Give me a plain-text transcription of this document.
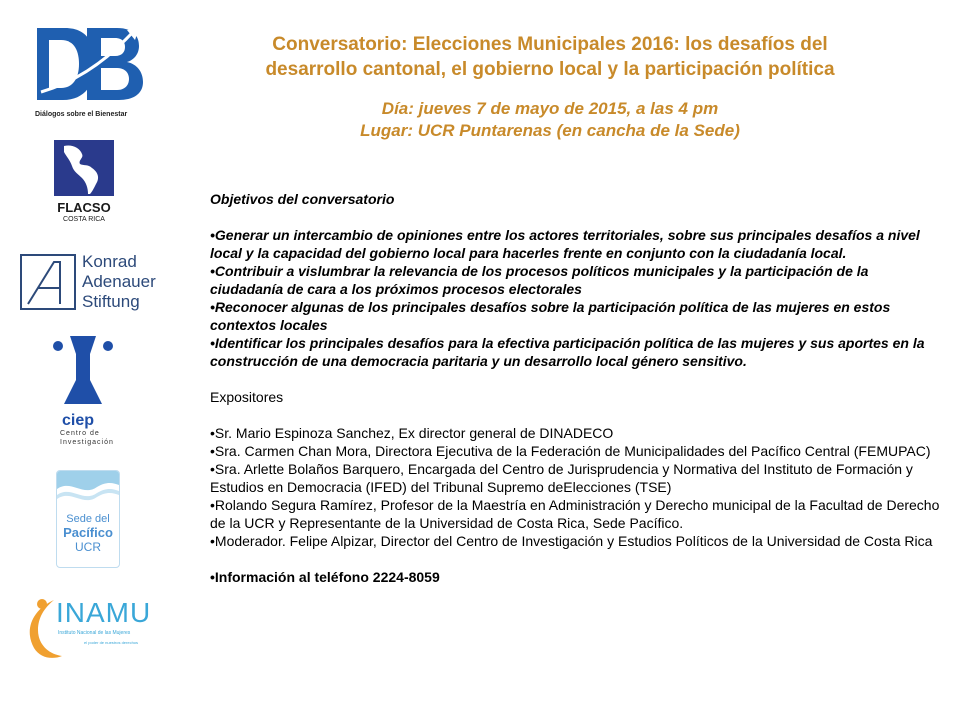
Diálogos sobre el Bienestar
FLACSO
COSTA RICA
Konrad
Adenauer
Stiftung
ciep
Centro de
Investigación
Sede del
Pacífico
UCR
INAMU
Instituto Nacional de las Mujeres
el poder de nuestros derechos

Conversatorio: Elecciones Municipales 2016: los desafíos del

desarrollo cantonal, el gobierno local y la participación política

Día: jueves 7 de mayo de 2015, a las 4 pm

Lugar: UCR Puntarenas (en cancha de la Sede)

Objetivos del conversatorio

•Generar un intercambio de opiniones entre los actores territoriales, sobre sus principales desafíos a nivel local y la capacidad del gobierno local para hacerles frente en conjunto con la ciudadanía local.

•Contribuir a vislumbrar la relevancia de los procesos políticos municipales y la participación de la ciudadanía de cara a los próximos procesos electorales

•Reconocer algunas de los principales desafíos sobre la participación política de las mujeres en estos contextos locales

•Identificar los principales desafíos para la efectiva participación política de las mujeres y sus aportes en la construcción de una democracia paritaria y un desarrollo local género sensitivo.

Expositores

•Sr. Mario Espinoza Sanchez, Ex director general de DINADECO

•Sra. Carmen Chan Mora, Directora Ejecutiva de la Federación de Municipalidades del Pacífico Central (FEMUPAC)

•Sra. Arlette Bolaños Barquero, Encargada del Centro de Jurisprudencia y Normativa del Instituto de Formación y Estudios en Democracia (IFED) del Tribunal Supremo deElecciones (TSE)

•Rolando Segura Ramírez, Profesor de la Maestría en Administración y Derecho municipal de la Facultad de Derecho de la UCR y Representante de la Universidad de Costa Rica, Sede Pacífico.

•Moderador. Felipe Alpizar, Director del Centro de Investigación y Estudios Políticos de la Universidad de Costa Rica

•Información al teléfono 2224-8059
